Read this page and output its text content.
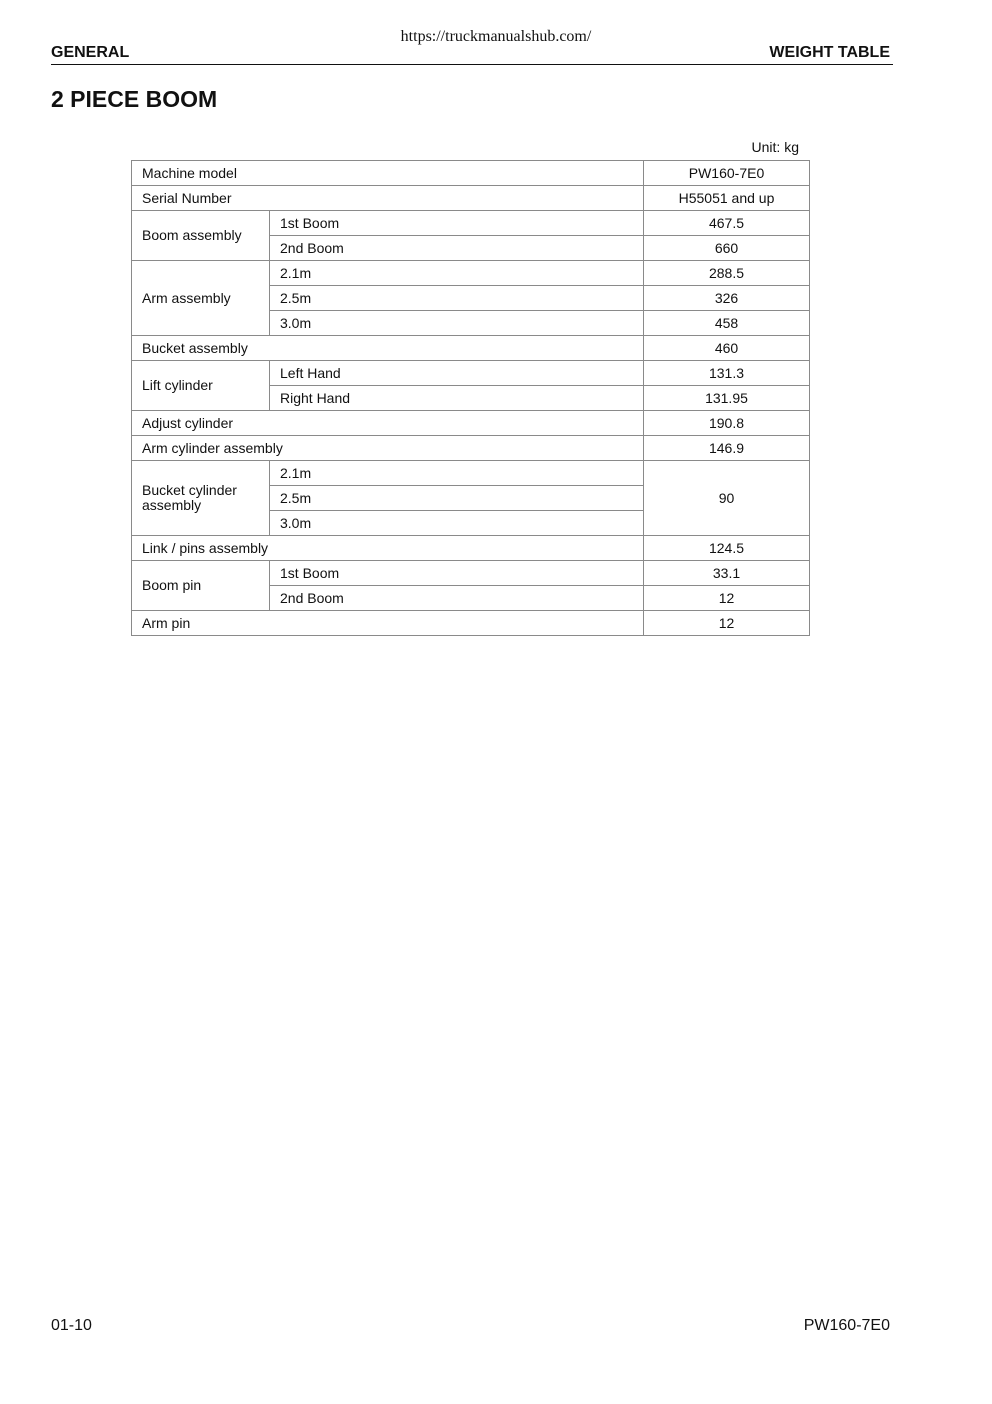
https://truckmanualshub.com/
GENERAL	WEIGHT TABLE
2 PIECE BOOM
Unit: kg
Machine model		PW160-7E0
Serial Number		H55051 and up
Boom assembly	1st Boom	467.5
	2nd Boom	660
Arm assembly	2.1m	288.5
	2.5m	326
	3.0m	458
Bucket assembly		460
Lift cylinder	Left Hand	131.3
	Right Hand	131.95
Adjust cylinder		190.8
Arm cylinder assembly		146.9
Bucket cylinder assembly	2.1m	90
	2.5m	
	3.0m	
Link / pins assembly		124.5
Boom pin	1st Boom	33.1
	2nd Boom	12
Arm pin		12
01-10	PW160-7E0
